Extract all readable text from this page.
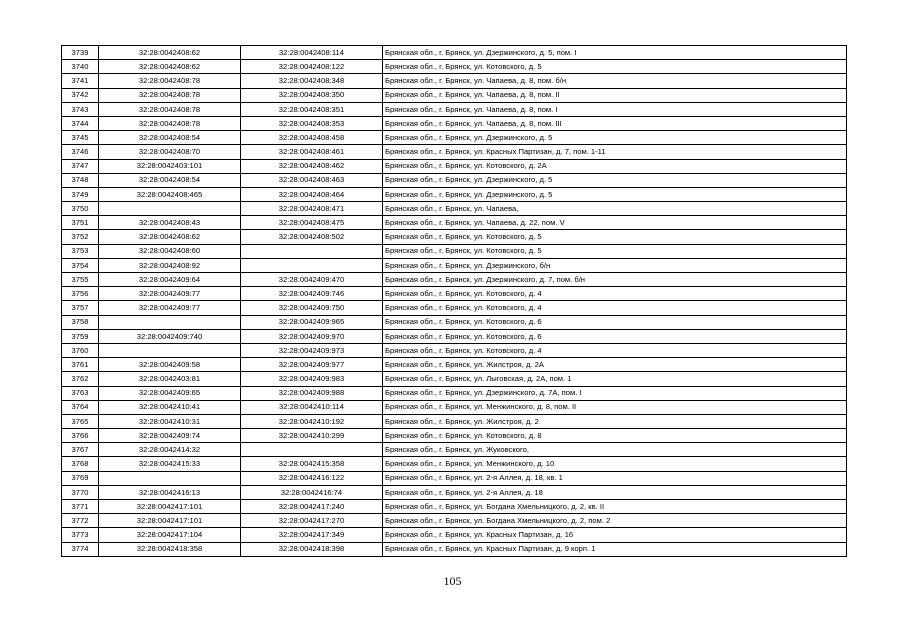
3739	32:28:0042408:62	32:28:0042408:114	Брянская обл., г. Брянск, ул. Дзержинского, д. 5, пом. I
3740	32:28:0042408:62	32:28:0042408:122	Брянская обл., г. Брянск, ул. Котовского, д. 5
3741	32:28:0042408:78	32:28:0042408:348	Брянская обл., г. Брянск, ул. Чапаева, д. 8, пом. б/н
3742	32:28:0042408:78	32:28:0042408:350	Брянская обл., г. Брянск, ул. Чапаева, д. 8, пом. II
3743	32:28:0042408:78	32:28:0042408:351	Брянская обл., г. Брянск, ул. Чапаева, д. 8, пом. I
3744	32:28:0042408:78	32:28:0042408:353	Брянская обл., г. Брянск, ул. Чапаева, д. 8, пом. III
3745	32:28:0042408:54	32:28:0042408:458	Брянская обл., г. Брянск, ул. Дзержинского, д. 5
3746	32:28:0042408:70	32:28:0042408:461	Брянская обл., г. Брянск, ул. Красных Партизан, д. 7, пом. 1-11
3747	32:28:0042403:101	32:28:0042408:462	Брянская обл., г. Брянск, ул. Котовского, д. 2А
3748	32:28:0042408:54	32:28:0042408:463	Брянская обл., г. Брянск, ул. Дзержинского, д. 5
3749	32:28:0042408:465	32:28:0042408:464	Брянская обл., г. Брянск, ул. Дзержинского, д. 5
3750		32:28:0042408:471	Брянская обл., г. Брянск, ул. Чапаева,
3751	32:28:0042408:43	32:28:0042408:475	Брянская обл., г. Брянск, ул. Чапаева, д. 22, пом. V
3752	32:28:0042408:62	32:28:0042408:502	Брянская обл., г. Брянск, ул. Котовского, д. 5
3753	32:28:0042408:60		Брянская обл., г. Брянск, ул. Котовского, д. 5
3754	32:28:0042408:92		Брянская обл., г. Брянск, ул. Дзержинского, б/н
3755	32:28:0042409:64	32:28:0042409:470	Брянская обл., г. Брянск, ул. Дзержинского, д. 7, пом. б/н
3756	32:28:0042409:77	32:28:0042409:746	Брянская обл., г. Брянск, ул. Котовского, д. 4
3757	32:28:0042409:77	32:28:0042409:750	Брянская обл., г. Брянск, ул. Котовского, д. 4
3758		32:28:0042409:965	Брянская обл., г. Брянск, ул. Котовского, д. 6
3759	32:28:0042409:740	32:28:0042409:970	Брянская обл., г. Брянск, ул. Котовского, д. 6
3760		32:28:0042409:973	Брянская обл., г. Брянск, ул. Котовского, д. 4
3761	32:28:0042409:58	32:28:0042409:977	Брянская обл., г. Брянск, ул. Жилстроя, д. 2А
3762	32:28:0042403:81	32:28:0042409:983	Брянская обл., г. Брянск, ул. Лыговская, д. 2А, пом. 1
3763	32:28:0042409:65	32:28:0042409:988	Брянская обл., г. Брянск, ул. Дзержинского, д. 7А, пом. I
3764	32:28:0042410:41	32:28:0042410:114	Брянская обл., г. Брянск, ул. Менжинского, д. 8, пом. II
3765	32:28:0042410:31	32:28:0042410:192	Брянская обл., г. Брянск, ул. Жилстроя, д. 2
3766	32:28:0042409:74	32:28:0042410:299	Брянская обл., г. Брянск, ул. Котовского, д. 8
3767	32:28:0042414:32		Брянская обл., г. Брянск, ул. Жуковского,
3768	32:28:0042415:33	32:28:0042415:358	Брянская обл., г. Брянск, ул. Менжинского, д. 10
3769		32:28:0042416:122	Брянская обл., г. Брянск, ул. 2-я Аллея, д. 18, кв. 1
3770	32:28:0042416:13	32:28:0042416:74	Брянская обл., г. Брянск, ул. 2-я Аллея, д. 18
3771	32:28:0042417:101	32:28:0042417:240	Брянская обл., г. Брянск, ул. Богдана Хмельницкого, д. 2, кв. II
3772	32:28:0042417:101	32:28:0042417:270	Брянская обл., г. Брянск, ул. Богдана Хмельницкого, д. 2, пом. 2
3773	32:28:0042417:104	32:28:0042417:349	Брянская обл., г. Брянск, ул. Красных Партизан, д. 16
3774	32:28:0042418:358	32:28:0042418:398	Брянская обл., г. Брянск, ул. Красных Партизан, д. 9 корп. 1
105
